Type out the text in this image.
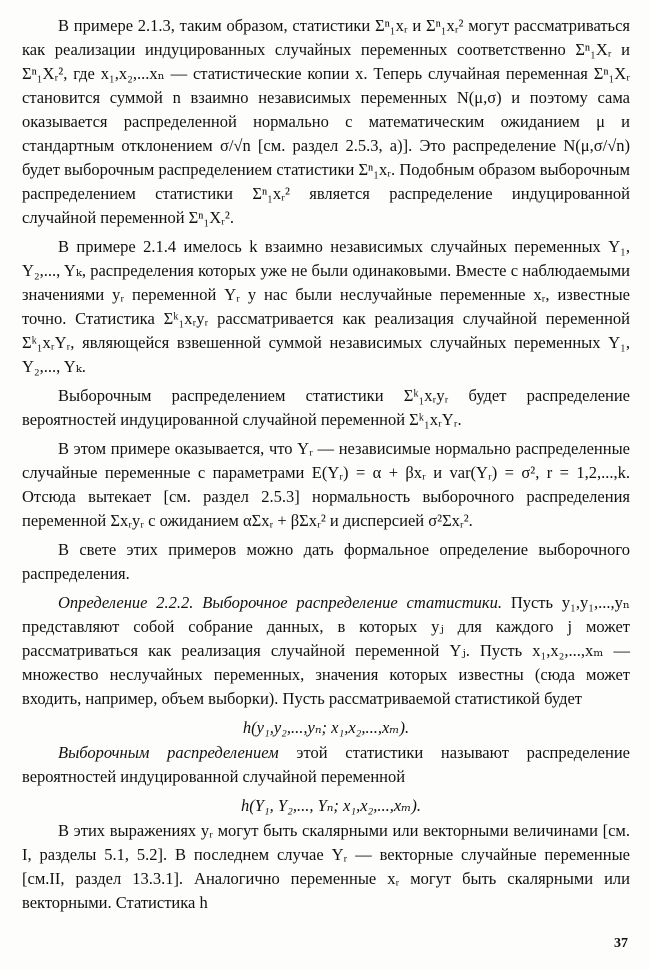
В примере 2.1.3, таким образом, статистики Σⁿ₁xᵣ и Σⁿ₁xᵣ² могут рассматриваться как реализации индуцированных случайных переменных соответственно Σⁿ₁Xᵣ и Σⁿ₁Xᵣ², где x₁,x₂,...xₙ — статистические копии x. Теперь случайная переменная Σⁿ₁Xᵣ становится суммой n взаимно независимых переменных N(μ,σ) и поэтому сама оказывается распределенной нормально с математическим ожиданием μ и стандартным отклонением σ/√n [см. раздел 2.5.3, а)]. Это распределение N(μ,σ/√n) будет выборочным распределением статистики Σⁿ₁xᵣ. Подобным образом выборочным распределением статистики Σⁿ₁xᵣ² является распределение индуцированной случайной переменной Σⁿ₁Xᵣ².

В примере 2.1.4 имелось k взаимно независимых случайных переменных Y₁, Y₂,..., Yₖ, распределения которых уже не были одинаковыми. Вместе с наблюдаемыми значениями yᵣ переменной Yᵣ у нас были неслучайные переменные xᵣ, известные точно. Статистика Σᵏ₁xᵣyᵣ рассматривается как реализация случайной переменной Σᵏ₁xᵣYᵣ, являющейся взвешенной суммой независимых случайных переменных Y₁, Y₂,..., Yₖ.

Выборочным распределением статистики Σᵏ₁xᵣyᵣ будет распределение вероятностей индуцированной случайной переменной Σᵏ₁xᵣYᵣ.

В этом примере оказывается, что Yᵣ — независимые нормально распределенные случайные переменные с параметрами E(Yᵣ) = α + βxᵣ и var(Yᵣ) = σ², r = 1,2,...,k. Отсюда вытекает [см. раздел 2.5.3] нормальность выборочного распределения переменной Σxᵣyᵣ с ожиданием αΣxᵣ + βΣxᵣ² и дисперсией σ²Σxᵣ².

В свете этих примеров можно дать формальное определение выборочного распределения.

Определение 2.2.2. Выборочное распределение статистики. Пусть y₁,y₁,...,yₙ представляют собой собрание данных, в которых yⱼ для каждого j может рассматриваться как реализация случайной переменной Yⱼ. Пусть x₁,x₂,...,xₘ — множество неслучайных переменных, значения которых известны (сюда может входить, например, объем выборки). Пусть рассматриваемой статистикой будет

h(y₁,y₂,...,yₙ; x₁,x₂,...,xₘ).

Выборочным распределением этой статистики называют распределение вероятностей индуцированной случайной переменной

h(Y₁, Y₂,..., Yₙ; x₁,x₂,...,xₘ).

В этих выражениях yᵣ могут быть скалярными или векторными величинами [см. I, разделы 5.1, 5.2]. В последнем случае Yᵣ — векторные случайные переменные [см.II, раздел 13.3.1]. Аналогично переменные xᵣ могут быть скалярными или векторными. Статистика h

37
